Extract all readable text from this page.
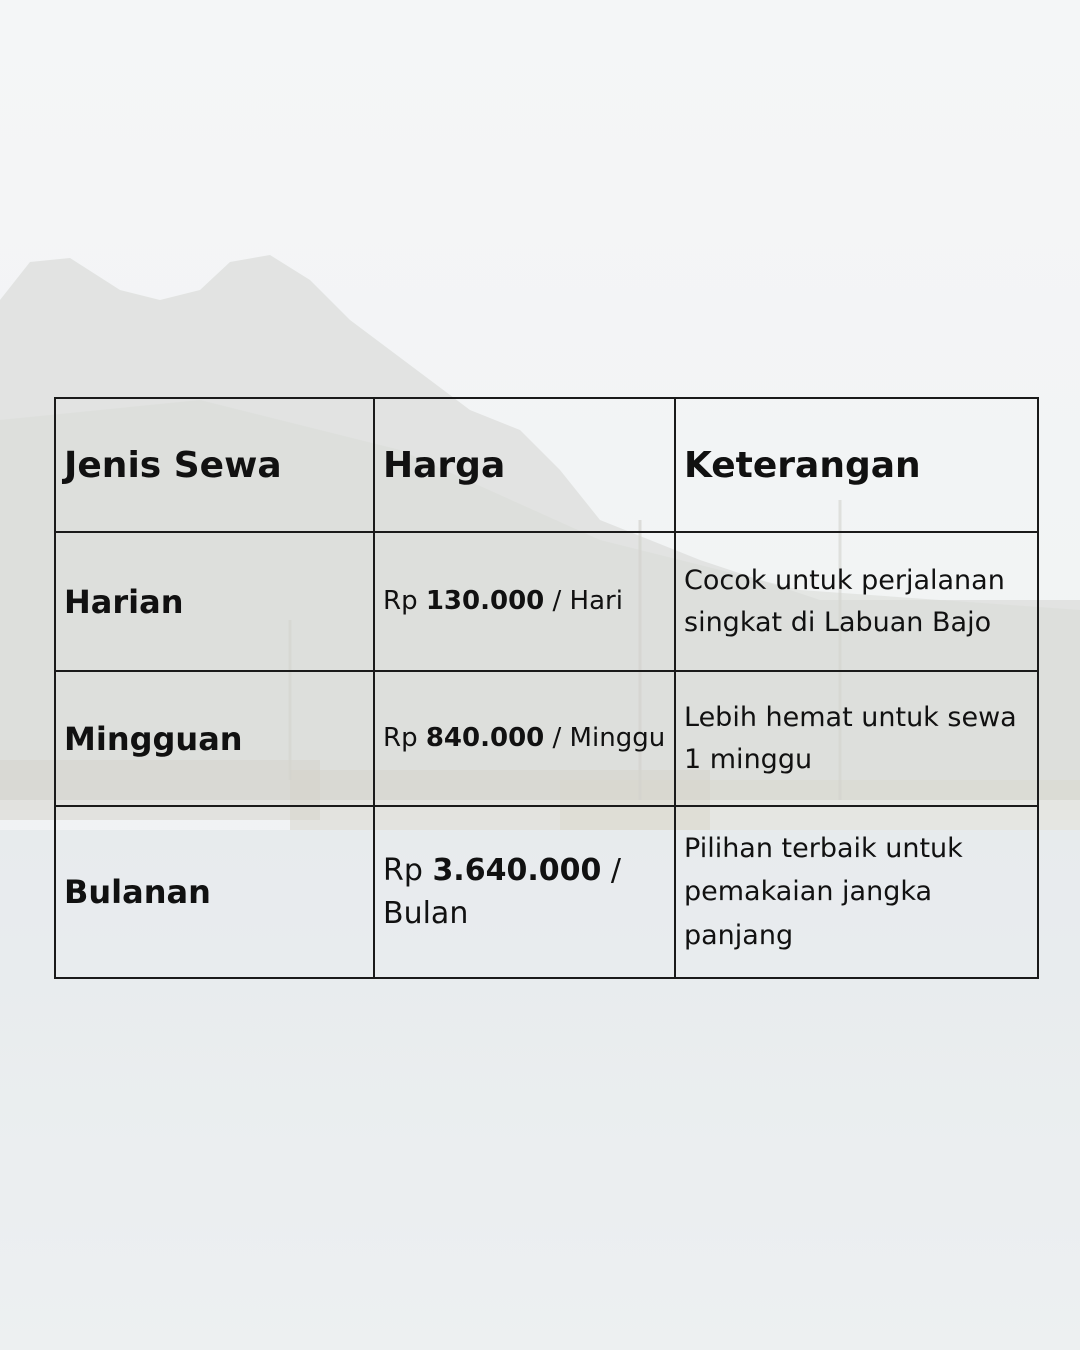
Jenis Sewa	Harga	Keterangan
Harian	Rp 130.000 / Hari	Cocok untuk perjalanan singkat di Labuan Bajo
Mingguan	Rp 840.000 / Minggu	Lebih hemat untuk sewa 1 minggu
Bulanan	Rp 3.640.000 / Bulan	Pilihan terbaik untuk pemakaian jangka panjang
